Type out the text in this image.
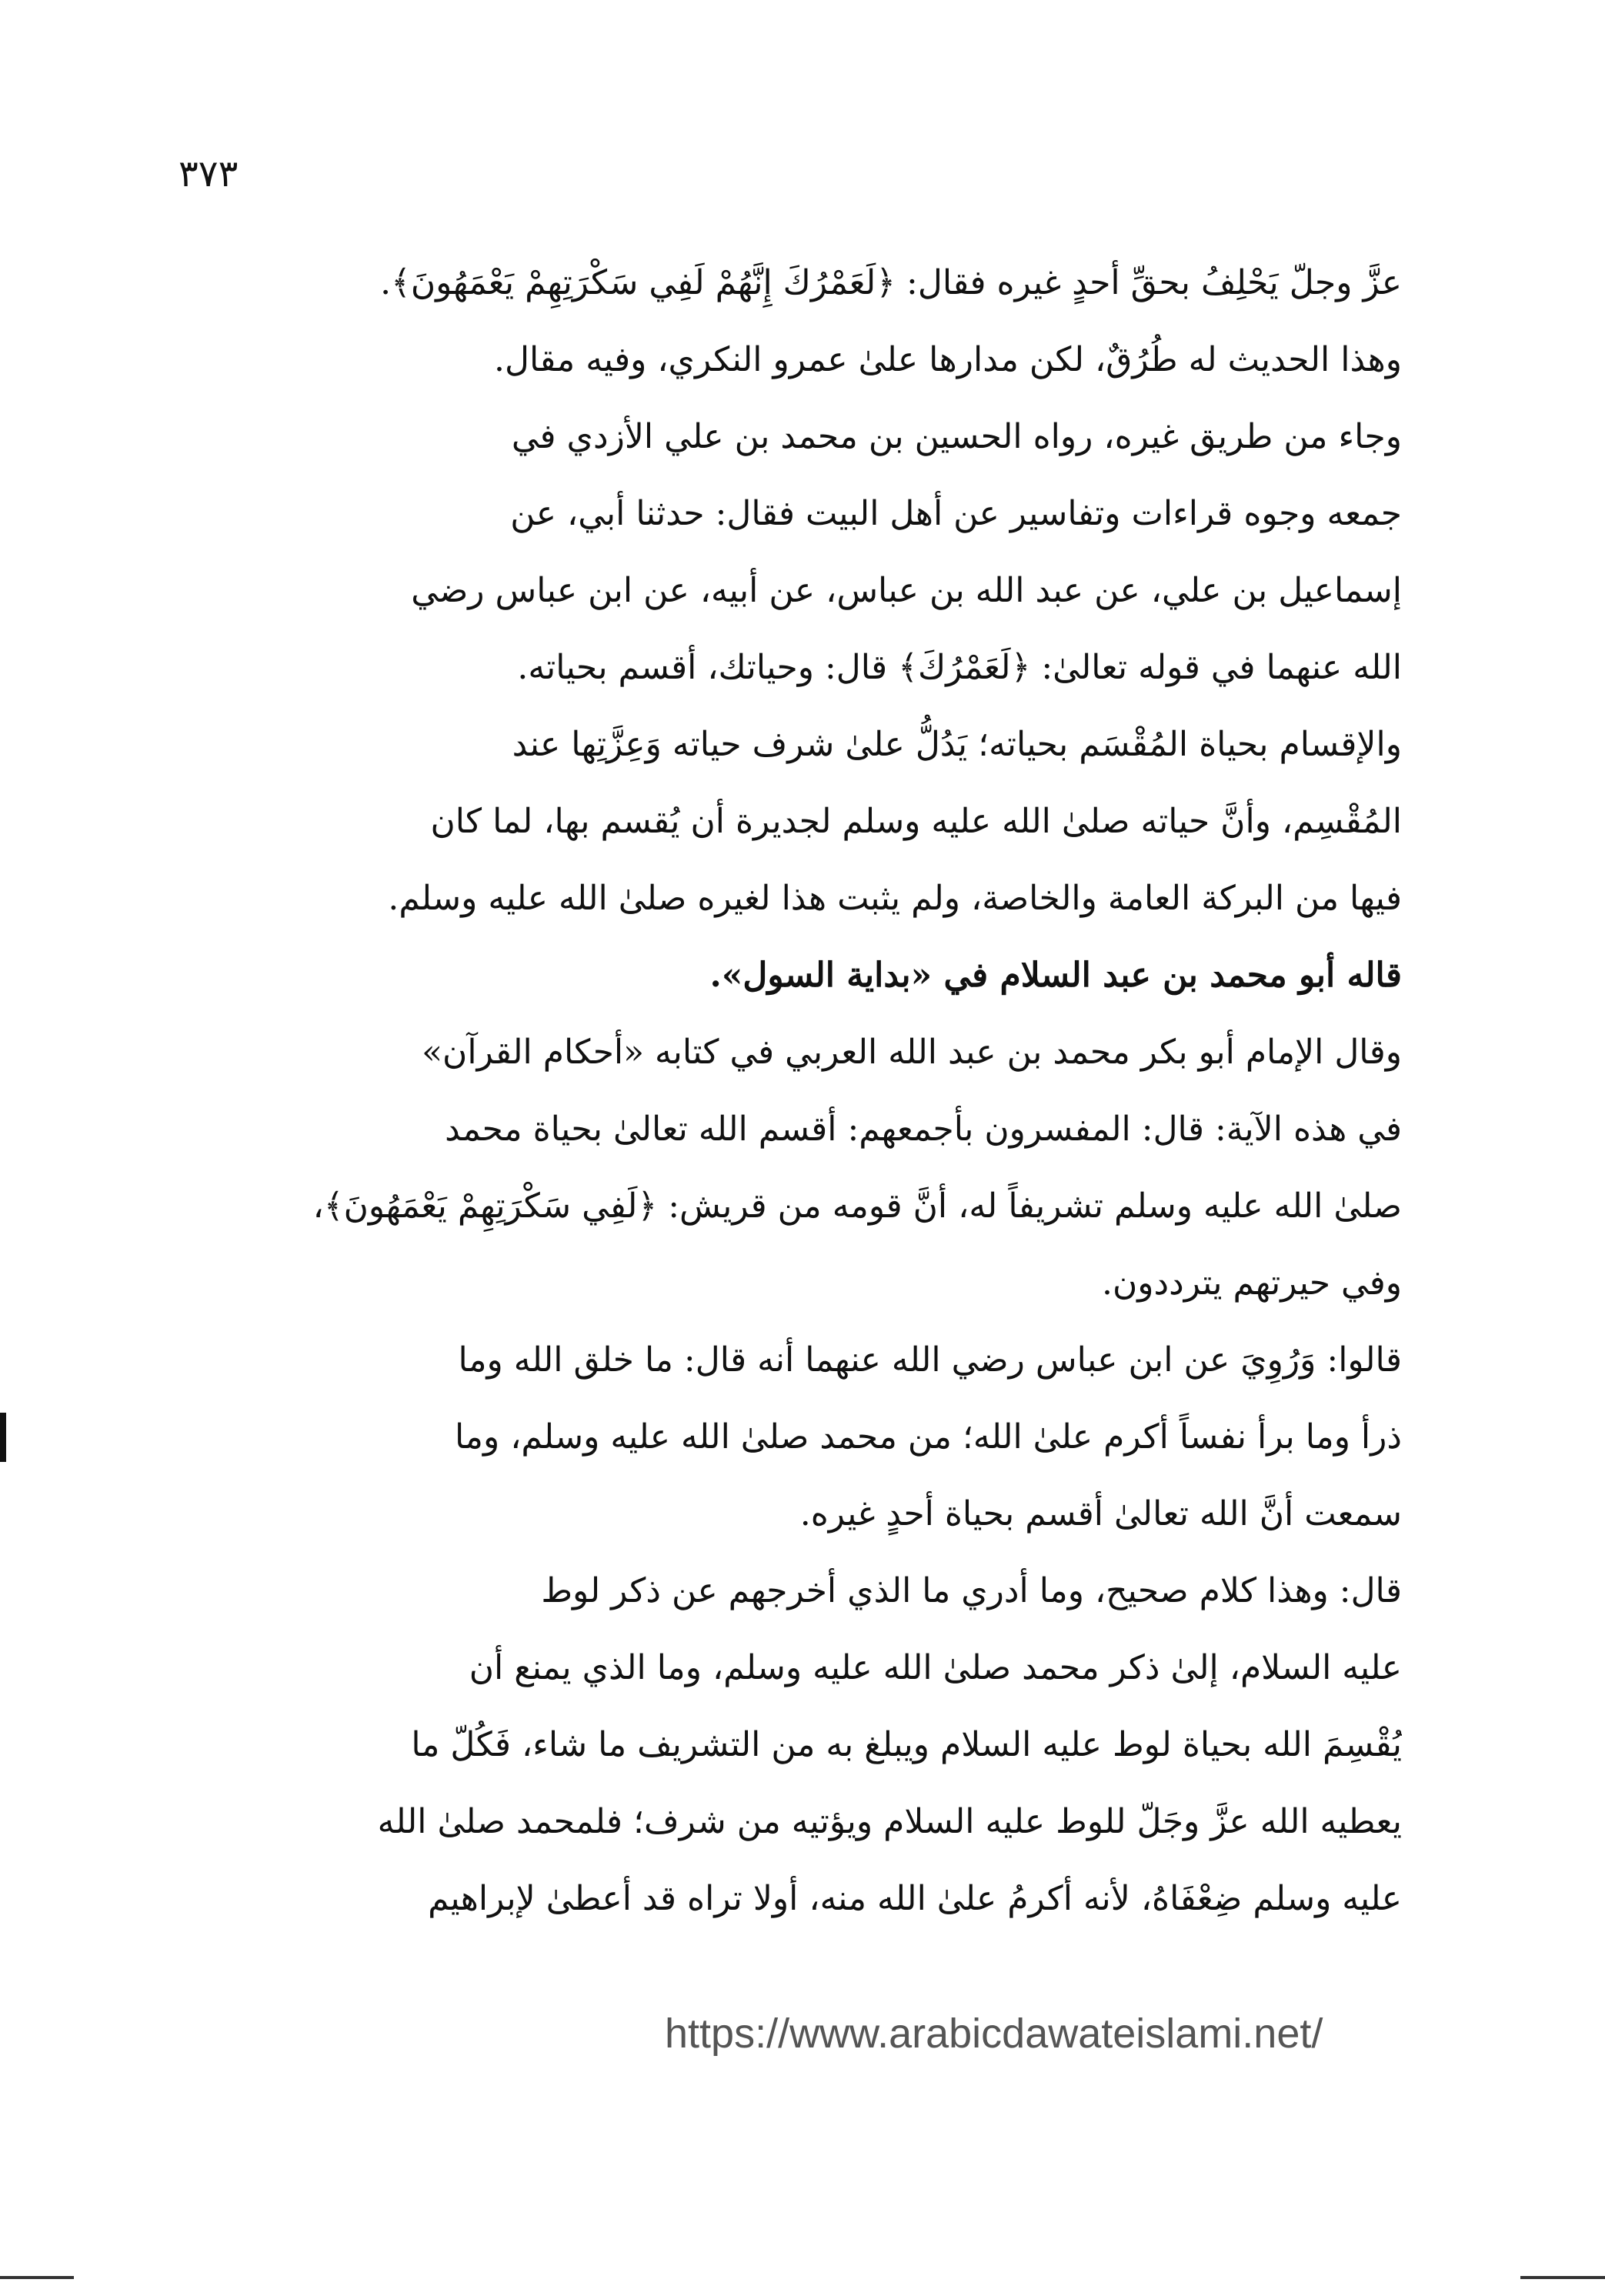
٣٧٣
عزَّ وجلّ يَحْلِفُ بحقِّ أحدٍ غيره فقال: ﴿لَعَمْرُكَ إِنَّهُمْ لَفِي سَكْرَتِهِمْ يَعْمَهُونَ﴾.
وهذا الحديث له طُرُقٌ، لكن مدارها علىٰ عمرو النكري، وفيه مقال.
وجاء من طريق غيره، رواه الحسين بن محمد بن علي الأزدي في
جمعه وجوه قراءات وتفاسير عن أهل البيت فقال: حدثنا أبي، عن
إسماعيل بن علي، عن عبد الله بن عباس، عن أبيه، عن ابن عباس رضي
الله عنهما في قوله تعالىٰ: ﴿لَعَمْرُكَ﴾ قال: وحياتك، أقسم بحياته.
والإقسام بحياة المُقْسَم بحياته؛ يَدُلُّ علىٰ شرف حياته وَعِزَّتِها عند
المُقْسِم، وأنَّ حياته صلىٰ الله عليه وسلم لجديرة أن يُقسم بها، لما كان
فيها من البركة العامة والخاصة، ولم يثبت هذا لغيره صلىٰ الله عليه وسلم.
قاله أبو محمد بن عبد السلام في «بداية السول».
وقال الإمام أبو بكر محمد بن عبد الله العربي في كتابه «أحكام القرآن»
في هذه الآية: قال: المفسرون بأجمعهم: أقسم الله تعالىٰ بحياة محمد
صلىٰ الله عليه وسلم تشريفاً له، أنَّ قومه من قريش: ﴿لَفِي سَكْرَتِهِمْ يَعْمَهُونَ﴾،
وفي حيرتهم يترددون.
قالوا: وَرُوِيَ عن ابن عباس رضي الله عنهما أنه قال: ما خلق الله وما
ذرأ وما برأ نفساً أكرم علىٰ الله؛ من محمد صلىٰ الله عليه وسلم، وما
سمعت أنَّ الله تعالىٰ أقسم بحياة أحدٍ غيره.
قال: وهذا كلام صحيح، وما أدري ما الذي أخرجهم عن ذكر لوط
عليه السلام، إلىٰ ذكر محمد صلىٰ الله عليه وسلم، وما الذي يمنع أن
يُقْسِمَ الله بحياة لوط عليه السلام ويبلغ به من التشريف ما شاء، فَكُلّ ما
يعطيه الله عزَّ وجَلّ للوط عليه السلام ويؤتيه من شرف؛ فلمحمد صلىٰ الله
عليه وسلم ضِعْفَاهُ، لأنه أكرمُ علىٰ الله منه، أولا تراه قد أعطىٰ لإبراهيم
https://www.arabicdawateislami.net/
